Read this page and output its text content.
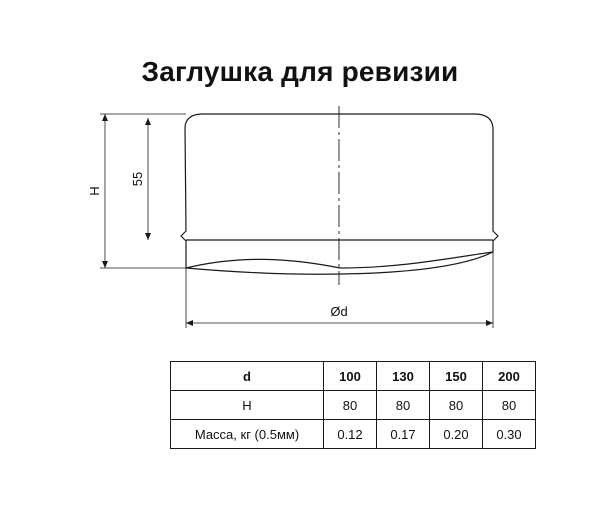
Заглушка для ревизии
H
55
Ød
d	100	130	150	200
H	80	80	80	80
Масса, кг (0.5мм)	0.12	0.17	0.20	0.30
